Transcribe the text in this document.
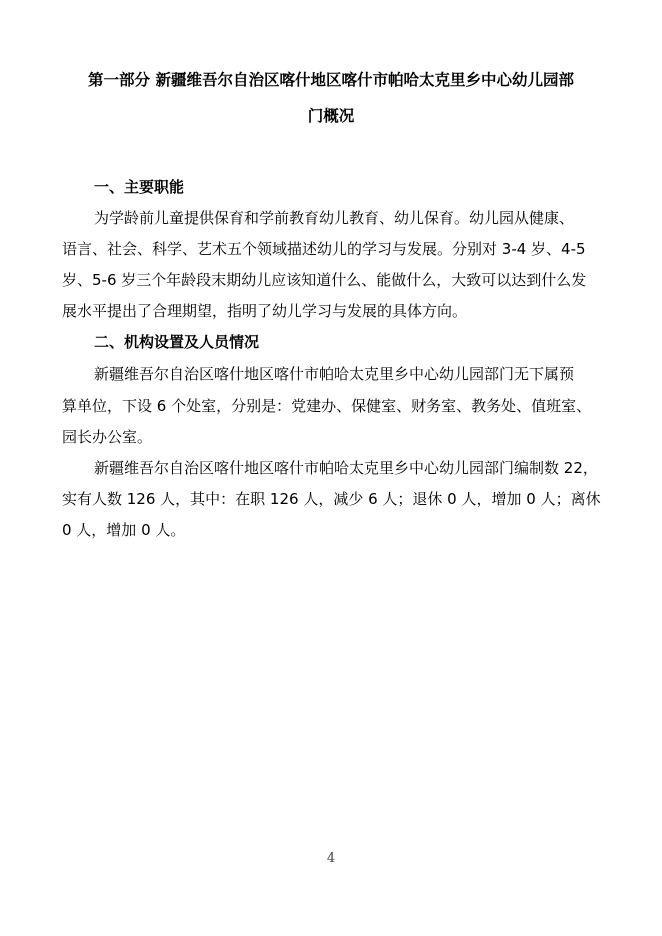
第一部分 新疆维吾尔自治区喀什地区喀什市帕哈太克里乡中心幼儿园部
门概况
一、主要职能
为学龄前儿童提供保育和学前教育幼儿教育、幼儿保育。幼儿园从健康、
语言、社会、科学、艺术五个领域描述幼儿的学习与发展。分别对 3-4 岁、4-5
岁、5-6 岁三个年龄段末期幼儿应该知道什么、能做什么，大致可以达到什么发
展水平提出了合理期望，指明了幼儿学习与发展的具体方向。
二、机构设置及人员情况
新疆维吾尔自治区喀什地区喀什市帕哈太克里乡中心幼儿园部门无下属预
算单位，下设 6 个处室，分别是：党建办、保健室、财务室、教务处、值班室、
园长办公室。
新疆维吾尔自治区喀什地区喀什市帕哈太克里乡中心幼儿园部门编制数 22，
实有人数 126 人，其中：在职 126 人，减少 6 人；退休 0 人，增加 0 人；离休
0 人，增加 0 人。
4
